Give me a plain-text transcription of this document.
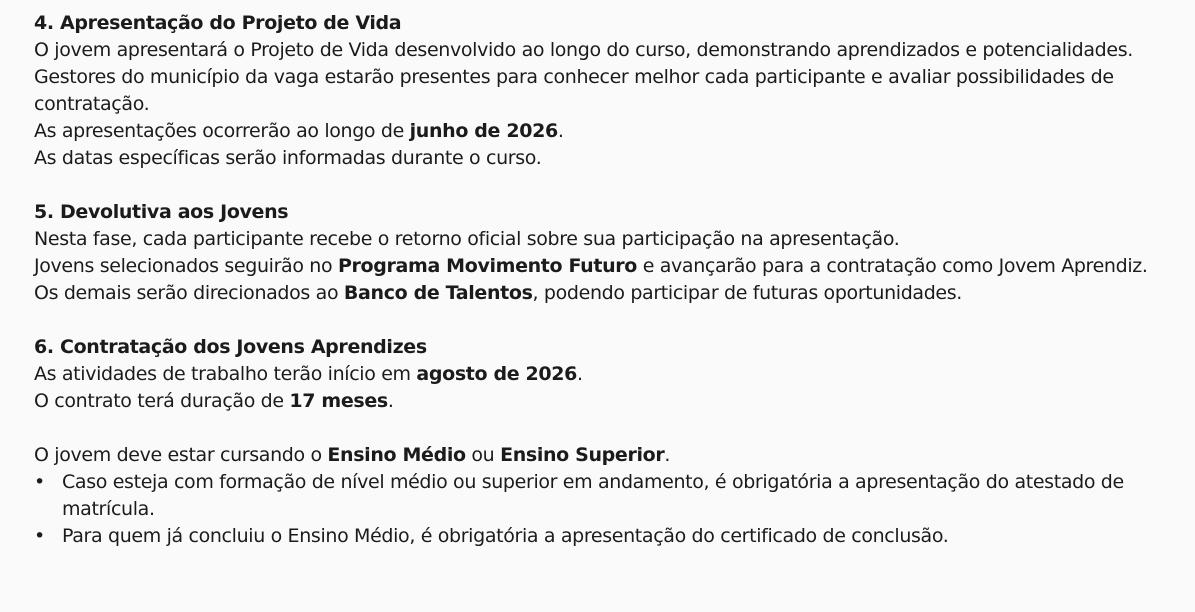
4. Apresentação do Projeto de Vida

O jovem apresentará o Projeto de Vida desenvolvido ao longo do curso, demonstrando aprendizados e potencialidades.

Gestores do município da vaga estarão presentes para conhecer melhor cada participante e avaliar possibilidades de contratação.

As apresentações ocorrerão ao longo de junho de 2026.

As datas específicas serão informadas durante o curso.

5. Devolutiva aos Jovens

Nesta fase, cada participante recebe o retorno oficial sobre sua participação na apresentação.

Jovens selecionados seguirão no Programa Movimento Futuro e avançarão para a contratação como Jovem Aprendiz.

Os demais serão direcionados ao Banco de Talentos, podendo participar de futuras oportunidades.

6. Contratação dos Jovens Aprendizes

As atividades de trabalho terão início em agosto de 2026.

O contrato terá duração de 17 meses.

O jovem deve estar cursando o Ensino Médio ou Ensino Superior.

• Caso esteja com formação de nível médio ou superior em andamento, é obrigatória a apresentação do atestado de matrícula.
• Para quem já concluiu o Ensino Médio, é obrigatória a apresentação do certificado de conclusão.
